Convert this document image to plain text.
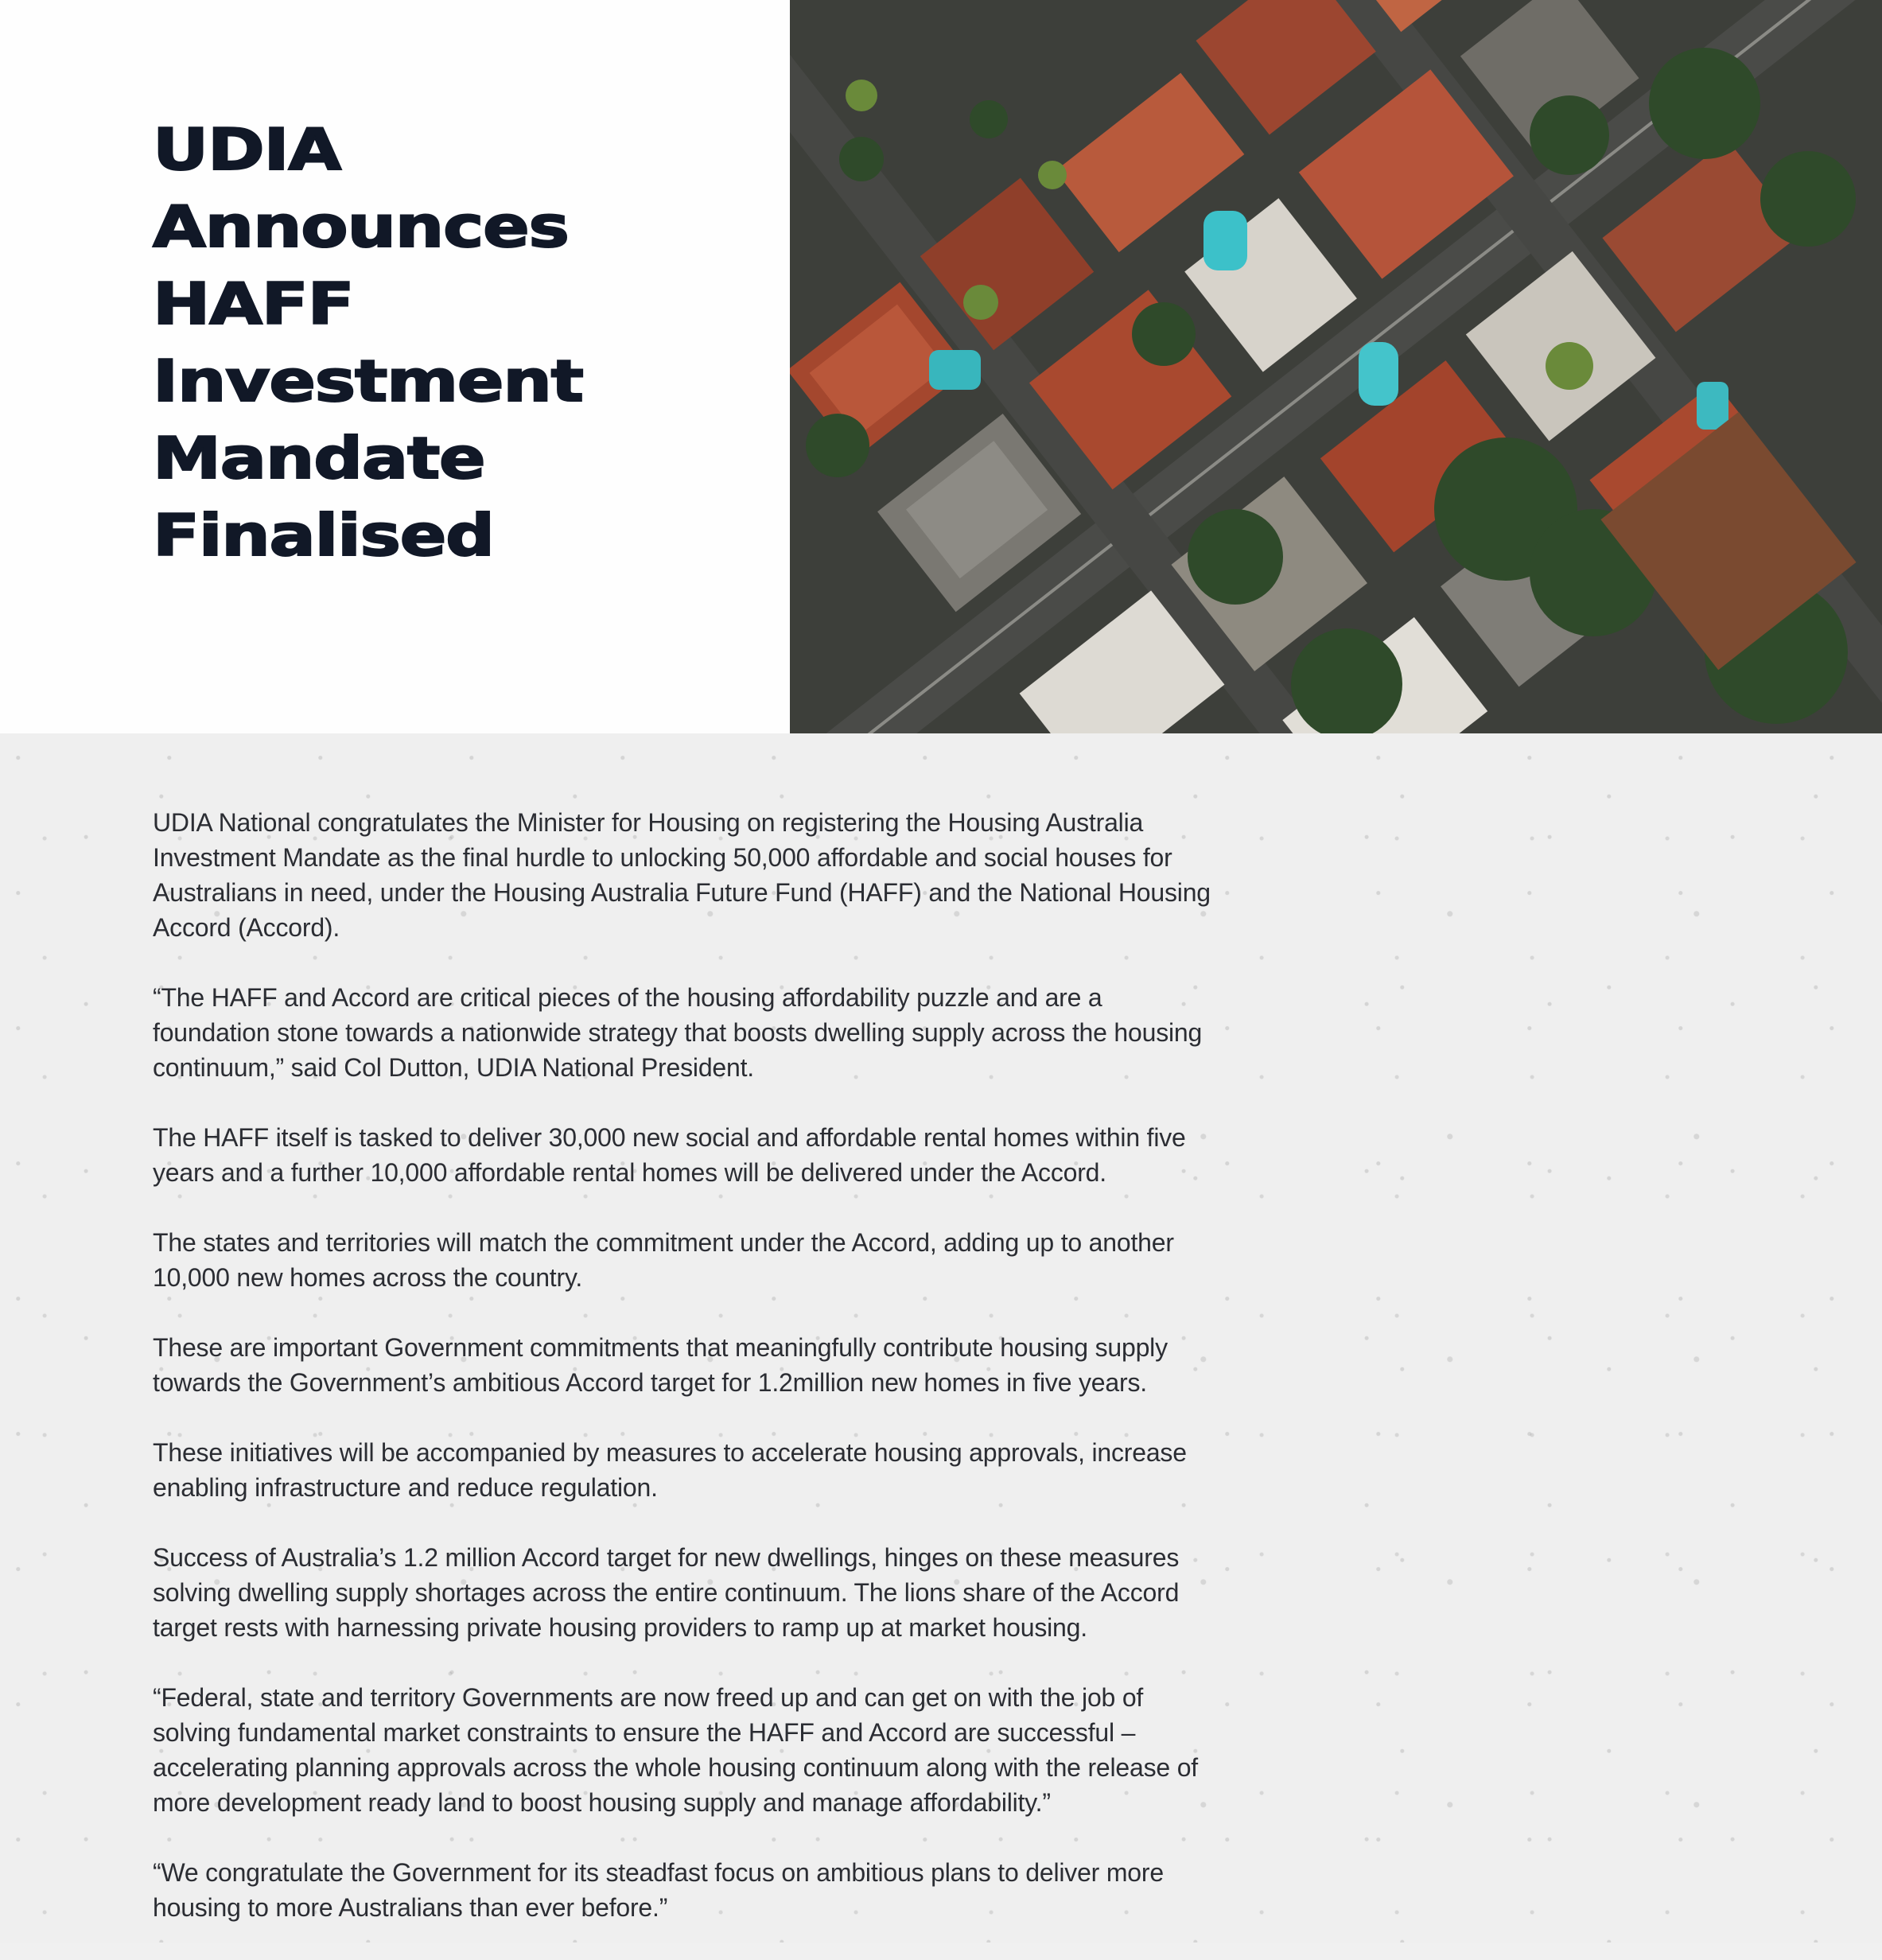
UDIA
Announces
HAFF
Investment
Mandate
Finalised

UDIA National congratulates the Minister for Housing on registering the Housing Australia Investment Mandate as the final hurdle to unlocking 50,000 affordable and social houses for Australians in need, under the Housing Australia Future Fund (HAFF) and the National Housing Accord (Accord).

“The HAFF and Accord are critical pieces of the housing affordability puzzle and are a foundation stone towards a nationwide strategy that boosts dwelling supply across the housing continuum,” said Col Dutton, UDIA National President.

The HAFF itself is tasked to deliver 30,000 new social and affordable rental homes within five years and a further 10,000 affordable rental homes will be delivered under the Accord.

The states and territories will match the commitment under the Accord, adding up to another 10,000 new homes across the country.

These are important Government commitments that meaningfully contribute housing supply towards the Government’s ambitious Accord target for 1.2million new homes in five years.

These initiatives will be accompanied by measures to accelerate housing approvals, increase enabling infrastructure and reduce regulation.

Success of Australia’s 1.2 million Accord target for new dwellings, hinges on these measures solving dwelling supply shortages across the entire continuum. The lions share of the Accord target rests with harnessing private housing providers to ramp up at market housing.

“Federal, state and territory Governments are now freed up and can get on with the job of solving fundamental market constraints to ensure the HAFF and Accord are successful – accelerating planning approvals across the whole housing continuum along with the release of more development ready land to boost housing supply and manage affordability.”

“We congratulate the Government for its steadfast focus on ambitious plans to deliver more housing to more Australians than ever before.”
